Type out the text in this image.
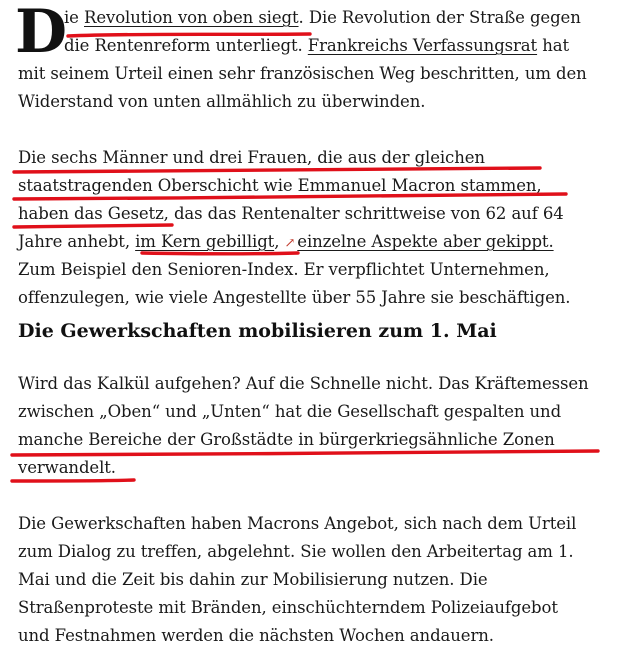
D
ie Revolution von oben siegt. Die Revolution der Straße gegen
die Rentenreform unterliegt. Frankreichs Verfassungsrat hat
mit seinem Urteil einen sehr französischen Weg beschritten, um den
Widerstand von unten allmählich zu überwinden.
Die sechs Männer und drei Frauen, die aus der gleichen
staatstragenden Oberschicht wie Emmanuel Macron stammen,
haben das Gesetz, das das Rentenalter schrittweise von 62 auf 64
Jahre anhebt, im Kern gebilligt, ↗ einzelne Aspekte aber gekippt.
Zum Beispiel den Senioren-Index. Er verpflichtet Unternehmen,
offenzulegen, wie viele Angestellte über 55 Jahre sie beschäftigen.
Die Gewerkschaften mobilisieren zum 1. Mai
Wird das Kalkül aufgehen? Auf die Schnelle nicht. Das Kräftemessen
zwischen „Oben“ und „Unten“ hat die Gesellschaft gespalten und
manche Bereiche der Großstädte in bürgerkriegsähnliche Zonen
verwandelt.
Die Gewerkschaften haben Macrons Angebot, sich nach dem Urteil
zum Dialog zu treffen, abgelehnt. Sie wollen den Arbeitertag am 1.
Mai und die Zeit bis dahin zur Mobilisierung nutzen. Die
Straßenproteste mit Bränden, einschüchterndem Polizeiaufgebot
und Festnahmen werden die nächsten Wochen andauern.
